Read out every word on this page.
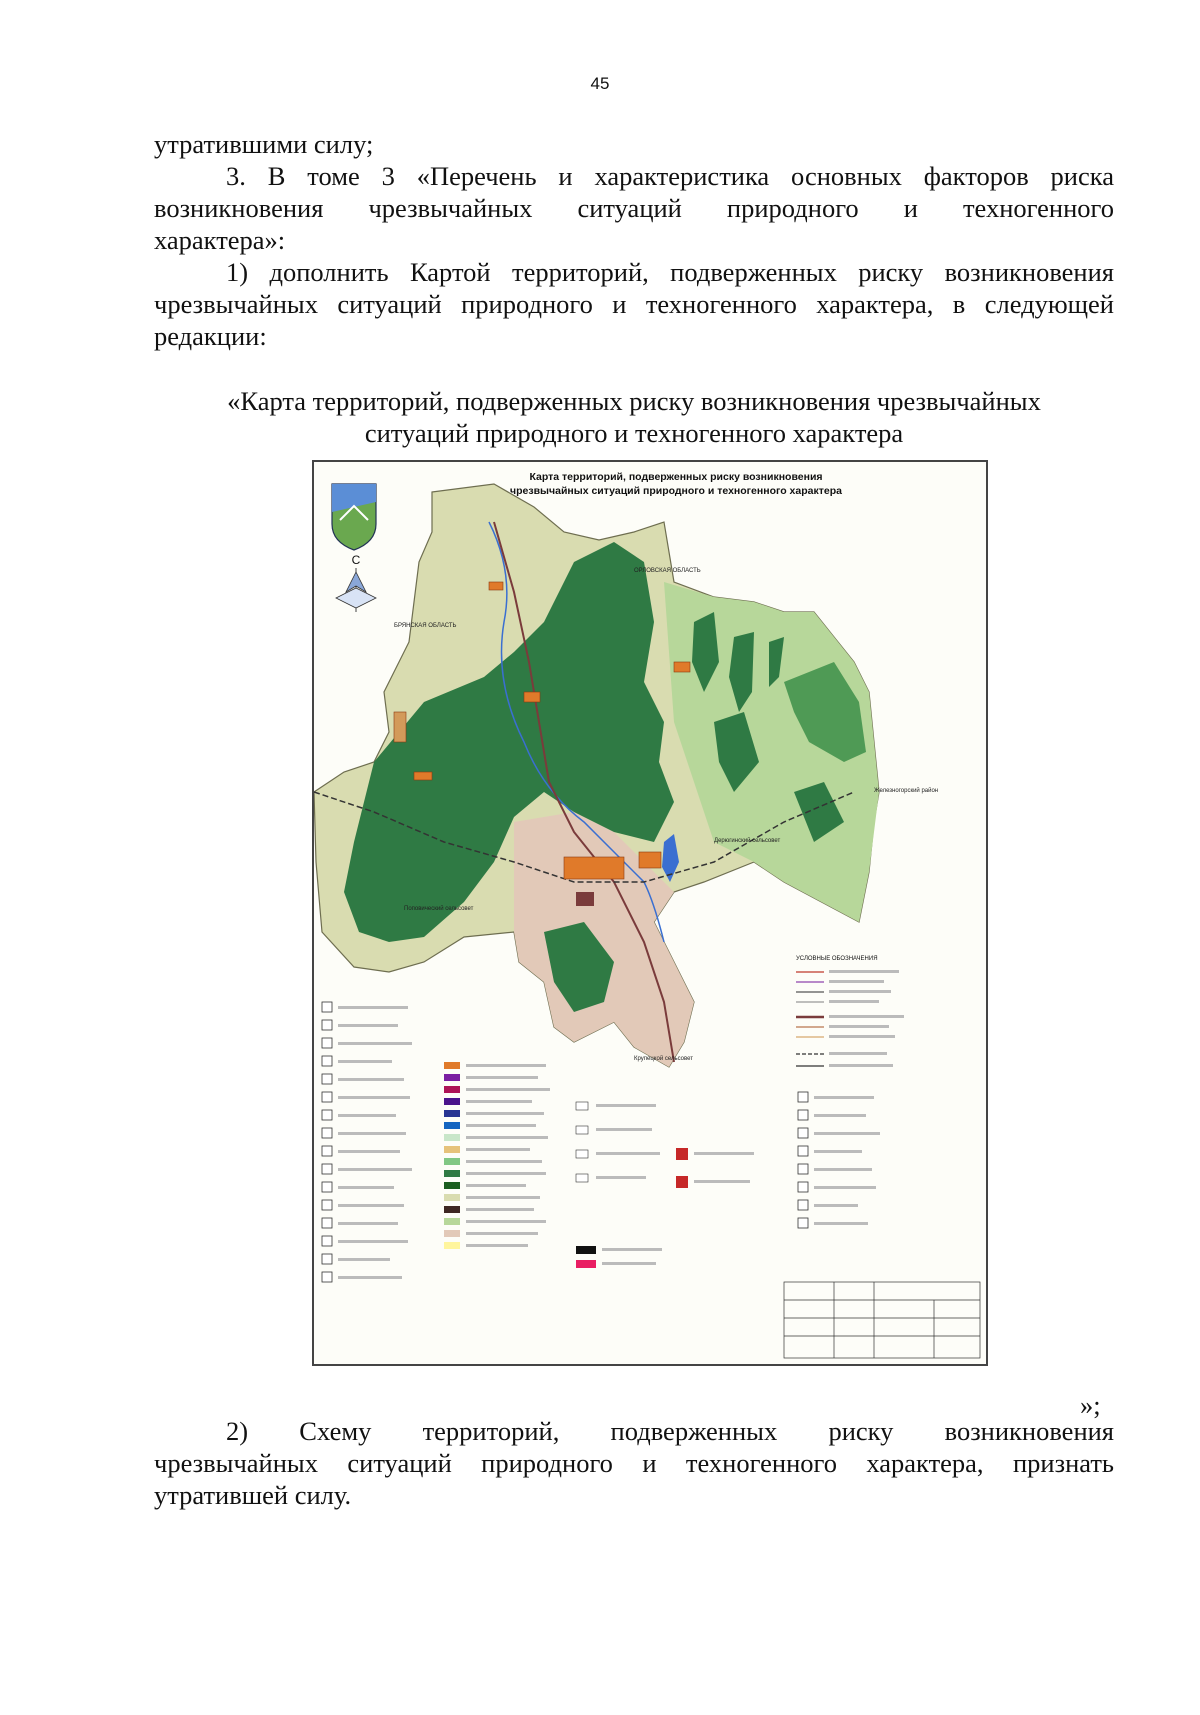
45

утратившими силу;

3. В томе 3 «Перечень и характеристика основных факторов риска
возникновения чрезвычайных ситуаций природного и техногенного
характера»:
1) дополнить Картой территорий, подверженных риску возникновения
чрезвычайных ситуаций природного и техногенного характера, в следующей
редакции:
«Карта территорий, подверженных риску возникновения чрезвычайных
ситуаций природного и техногенного характера
Карта территорий, подверженных риску возникновения
чрезвычайных ситуаций природного и техногенного характера
С
ОРЛОВСКАЯ ОБЛАСТЬ
БРЯНСКАЯ ОБЛАСТЬ
Железногорский район
Дерюгинский сельсовет
Поповический сельсовет
Крупецкой сельсовет
УСЛОВНЫЕ ОБОЗНАЧЕНИЯ
»;
2) Схему территорий, подверженных риску возникновения
чрезвычайных ситуаций природного и техногенного характера, признать
утратившей силу.
